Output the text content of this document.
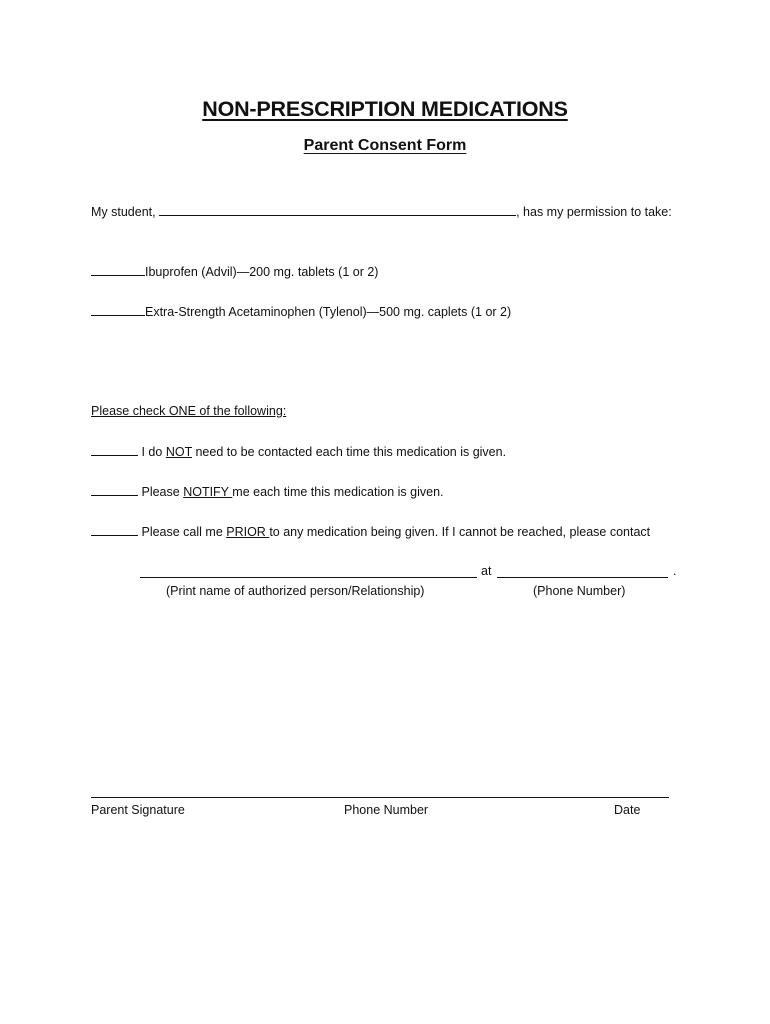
NON-PRESCRIPTION MEDICATIONS
Parent Consent Form
My student,	, has my permission to take:
Ibuprofen (Advil)—200 mg. tablets (1 or 2)
Extra-Strength Acetaminophen (Tylenol)—500 mg. caplets (1 or 2)
Please check ONE of the following:
I do NOT need to be contacted each time this medication is given.
Please NOTIFY me each time this medication is given.
Please call me PRIOR to any medication being given. If I cannot be reached, please contact
at	.
(Print name of authorized person/Relationship)	(Phone Number)
Parent Signature	Phone Number	Date
